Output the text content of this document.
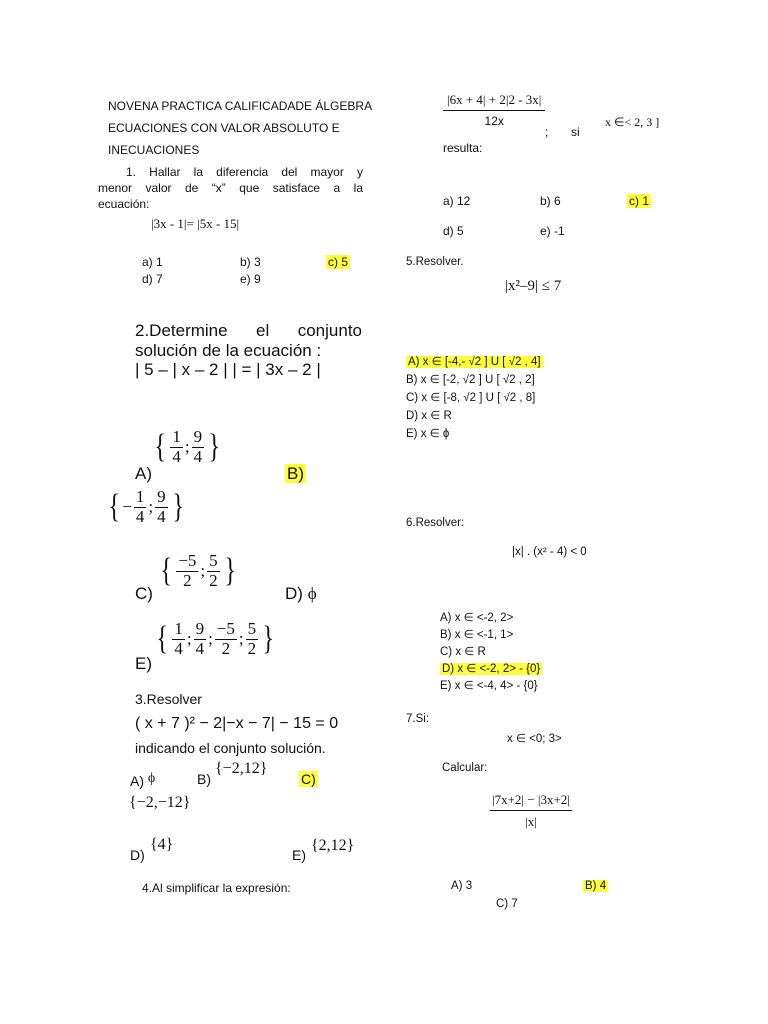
NOVENA PRACTICA CALIFICADADE ÁLGEBRA
ECUACIONES CON VALOR ABSOLUTO E
INECUACIONES
1. Hallar la diferencia del mayor y
menor valor de “x” que satisface a la
ecuación:
|3x - 1|= |5x - 15|
a) 1	b) 3	c) 5
d) 7	e) 9
2.Determine el conjunto
solución de la ecuación :
| 5 – | x – 2 | | = | 3x – 2 |
A)
{ $\frac{1}{4}$ ; $\frac{9}{4}$ }
B)
{ − $\frac{1}{4}$ ; $\frac{9}{4}$ }
C)
{ $\frac{-5}{2}$ ; $\frac{5}{2}$ }
D) ϕ
E)
{ $\frac{1}{4}$ ; $\frac{9}{4}$ ; $\frac{-5}{2}$ ; $\frac{5}{2}$ }
3.Resolver
( x + 7 )² − 2|−x − 7| − 15 = 0
indicando el conjunto solución.
A) ϕ	B)
{−2,12}
C)
{−2,−12}
D)
{4}
E)
{2,12}
4.Al simplificar la expresión:
$\frac{|6x + 4| + 2|2 - 3x|}{12x}$
; si
x ∈< 2, 3 ]
resulta:
a) 12	b) 6	c) 1
d) 5	e) -1
5.Resolver.
|x²–9| ≤ 7
A) x ∈ [-4,- √2 ] U [ √2 , 4]
B) x ∈ [-2, √2 ] U [ √2 , 2]
C) x ∈ [-8, √2 ] U [ √2 , 8]
D) x ∈ R
E) x ∈ ϕ
6.Resolver:
|x| . (x² - 4) < 0
A) x ∈ <-2, 2>
B) x ∈ <-1, 1>
C) x ∈ R
D) x ∈ <-2, 2> - {0}
E) x ∈ <-4, 4> - {0}
7.Si:
x ∈ <0; 3>
Calcular:
$\frac{|7x+2| - |3x+2|}{|x|}$
A) 3	B) 4
C) 7
